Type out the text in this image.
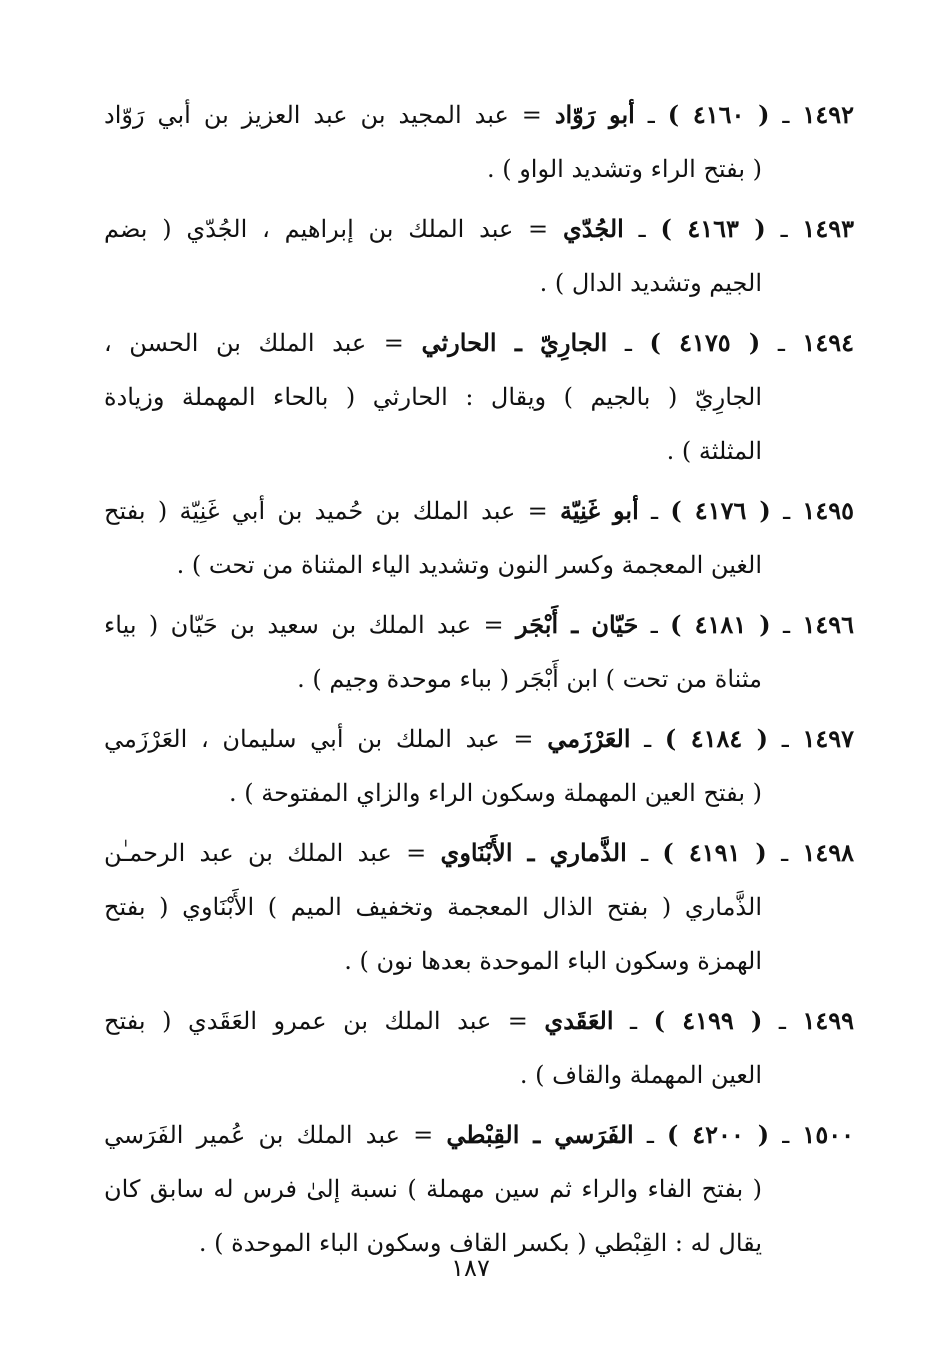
١٤٩٢ ـ ( ٤١٦٠ ) ـ أبو رَوّاد = عبد المجيد بن عبد العزيز بن أبي رَوّاد
( بفتح الراء وتشديد الواو ) .
١٤٩٣ ـ ( ٤١٦٣ ) ـ الجُدّي = عبد الملك بن إبراهيم ، الجُدّي ( بضم
الجيم وتشديد الدال ) .
١٤٩٤ ـ ( ٤١٧٥ ) ـ الجارِيّ ـ الحارثي = عبد الملك بن الحسن ،
الجارِيّ ( بالجيم ) ويقال : الحارثي ( بالحاء المهملة وزيادة
المثلثة ) .
١٤٩٥ ـ ( ٤١٧٦ ) ـ أبو غَنِيّة = عبد الملك بن حُميد بن أبي غَنِيّة ( بفتح
الغين المعجمة وكسر النون وتشديد الياء المثناة من تحت ) .
١٤٩٦ ـ ( ٤١٨١ ) ـ حَيّان ـ أَبْجَر = عبد الملك بن سعيد بن حَيّان ( بياء
مثناة من تحت ) ابن أَبْجَر ( بباء موحدة وجيم ) .
١٤٩٧ ـ ( ٤١٨٤ ) ـ العَرْزَمي = عبد الملك بن أبي سليمان ، العَرْزَمي
( بفتح العين المهملة وسكون الراء والزاي المفتوحة ) .
١٤٩٨ ـ ( ٤١٩١ ) ـ الذَّماري ـ الأَبْنَاوي = عبد الملك بن عبد الرحمـٰن
الذَّماري ( بفتح الذال المعجمة وتخفيف الميم ) الأَبْنَاوي ( بفتح
الهمزة وسكون الباء الموحدة بعدها نون ) .
١٤٩٩ ـ ( ٤١٩٩ ) ـ العَقَدي = عبد الملك بن عمرو العَقَدي ( بفتح
العين المهملة والقاف ) .
١٥٠٠ ـ ( ٤٢٠٠ ) ـ الفَرَسي ـ القِبْطي = عبد الملك بن عُمير الفَرَسي
( بفتح الفاء والراء ثم سين مهملة ) نسبة إلىٰ فرس له سابق كان
يقال له : القِبْطي ( بكسر القاف وسكون الباء الموحدة ) .
١٨٧
